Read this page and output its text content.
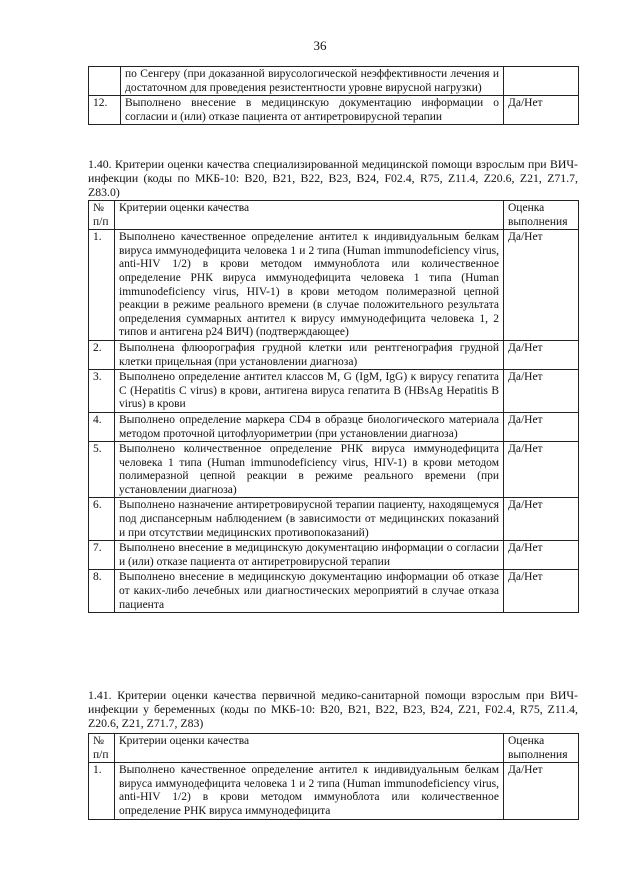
36
	по Сенгеру (при доказанной вирусологической неэффективности лечения и достаточном для проведения резистентности уровне вирусной нагрузки)	
12.	Выполнено внесение в медицинскую документацию информации о согласии и (или) отказе пациента от антиретровирусной терапии	Да/Нет
1.40. Критерии оценки качества специализированной медицинской помощи взрослым при ВИЧ-инфекции (коды по МКБ-10: В20, В21, В22, В23, В24, F02.4, R75, Z11.4, Z20.6, Z21, Z71.7, Z83.0)
№ п/п	Критерии оценки качества	Оценка выполнения
1.	Выполнено качественное определение антител к индивидуальным белкам вируса иммунодефицита человека 1 и 2 типа (Human immunodeficiency virus, anti-HIV 1/2) в крови методом иммуноблота или количественное определение РНК вируса иммунодефицита человека 1 типа (Human immunodeficiency virus, HIV-1) в крови методом полимеразной цепной реакции в режиме реального времени (в случае положительного результата определения суммарных антител к вирусу иммунодефицита человека 1, 2 типов и антигена р24 ВИЧ) (подтверждающее)	Да/Нет
2.	Выполнена флюорография грудной клетки или рентгенография грудной клетки прицельная (при установлении диагноза)	Да/Нет
3.	Выполнено определение антител классов M, G (IgM, IgG) к вирусу гепатита С (Hepatitis С virus) в крови, антигена вируса гепатита В (HBsAg Hepatitis В virus) в крови	Да/Нет
4.	Выполнено определение маркера CD4 в образце биологического материала методом проточной цитофлуориметрии (при установлении диагноза)	Да/Нет
5.	Выполнено количественное определение РНК вируса иммунодефицита человека 1 типа (Human immunodeficiency virus, HIV-1) в крови методом полимеразной цепной реакции в режиме реального времени (при установлении диагноза)	Да/Нет
6.	Выполнено назначение антиретровирусной терапии пациенту, находящемуся под диспансерным наблюдением (в зависимости от медицинских показаний и при отсутствии медицинских противопоказаний)	Да/Нет
7.	Выполнено внесение в медицинскую документацию информации о согласии и (или) отказе пациента от антиретровирусной терапии	Да/Нет
8.	Выполнено внесение в медицинскую документацию информации об отказе от каких-либо лечебных или диагностических мероприятий в случае отказа пациента	Да/Нет
1.41. Критерии оценки качества первичной медико-санитарной помощи взрослым при ВИЧ-инфекции у беременных (коды по МКБ-10: В20, В21, В22, В23, В24, Z21, F02.4, R75, Z11.4, Z20.6, Z21, Z71.7, Z83)
№ п/п	Критерии оценки качества	Оценка выполнения
1.	Выполнено качественное определение антител к индивидуальным белкам вируса иммунодефицита человека 1 и 2 типа (Human immunodeficiency virus, anti-HIV 1/2) в крови методом иммуноблота или количественное определение РНК вируса иммунодефицита	Да/Нет
